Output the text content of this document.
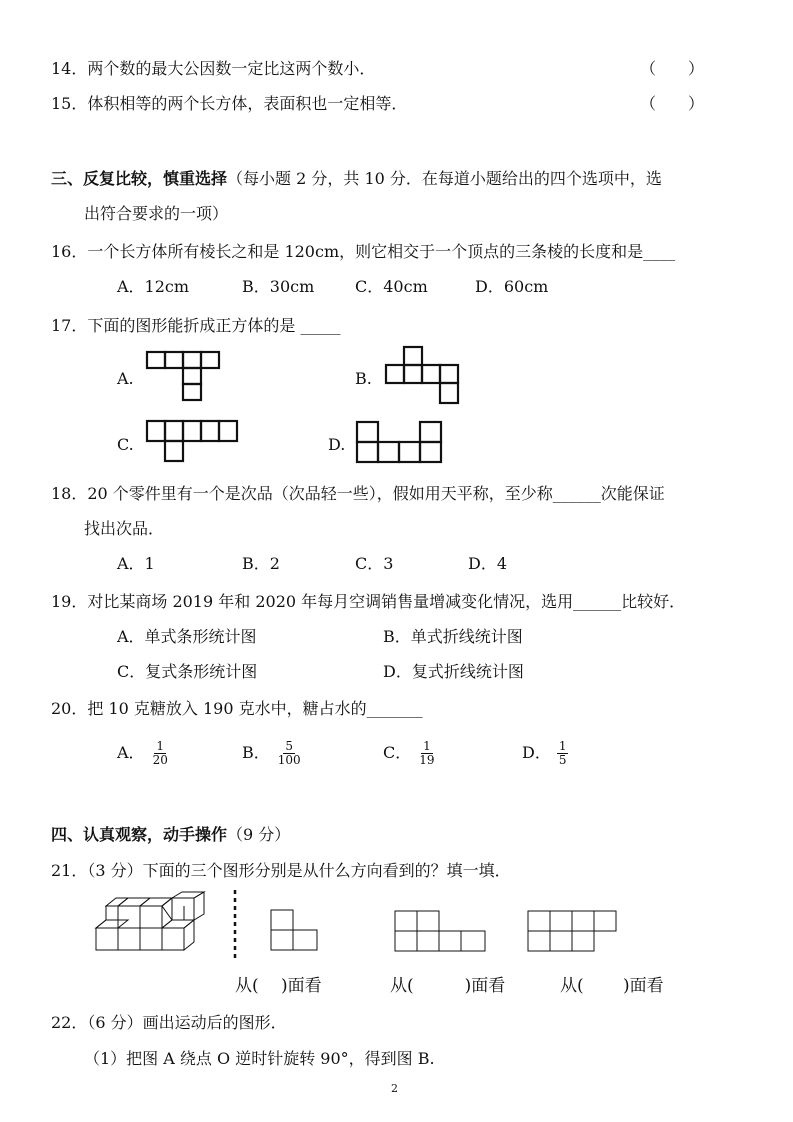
14．两个数的最大公因数一定比这两个数小．	（　　）
15．体积相等的两个长方体，表面积也一定相等．	（　　）
三、反复比较，慎重选择（每小题 2 分，共 10 分．在每道小题给出的四个选项中，选
出符合要求的一项）
16．一个长方体所有棱长之和是 120cm，则它相交于一个顶点的三条棱的长度和是____
A．12cm	B．30cm	C．40cm	D．60cm
17．下面的图形能折成正方体的是 _____
A.	B.
C.	D.
18．20 个零件里有一个是次品（次品轻一些），假如用天平称，至少称______次能保证
找出次品．
A．1	B．2	C．3	D．4
19．对比某商场 2019 年和 2020 年每月空调销售量增减变化情况，选用______比较好．
A．单式条形统计图	B．单式折线统计图
C．复式条形统计图	D．复式折线统计图
20．把 10 克糖放入 190 克水中，糖占水的_______
A． $\frac{1}{20}$	B． $\frac{5}{100}$	C． $\frac{1}{19}$	D． $\frac{1}{5}$
四、认真观察，动手操作（9 分）
21．（3 分）下面的三个图形分别是从什么方向看到的？填一填．
从(　 )面看	从(　　　)面看	从(　　 )面看
22．（6 分）画出运动后的图形．
（1）把图 A 绕点 O 逆时针旋转 90°，得到图 B.
2
